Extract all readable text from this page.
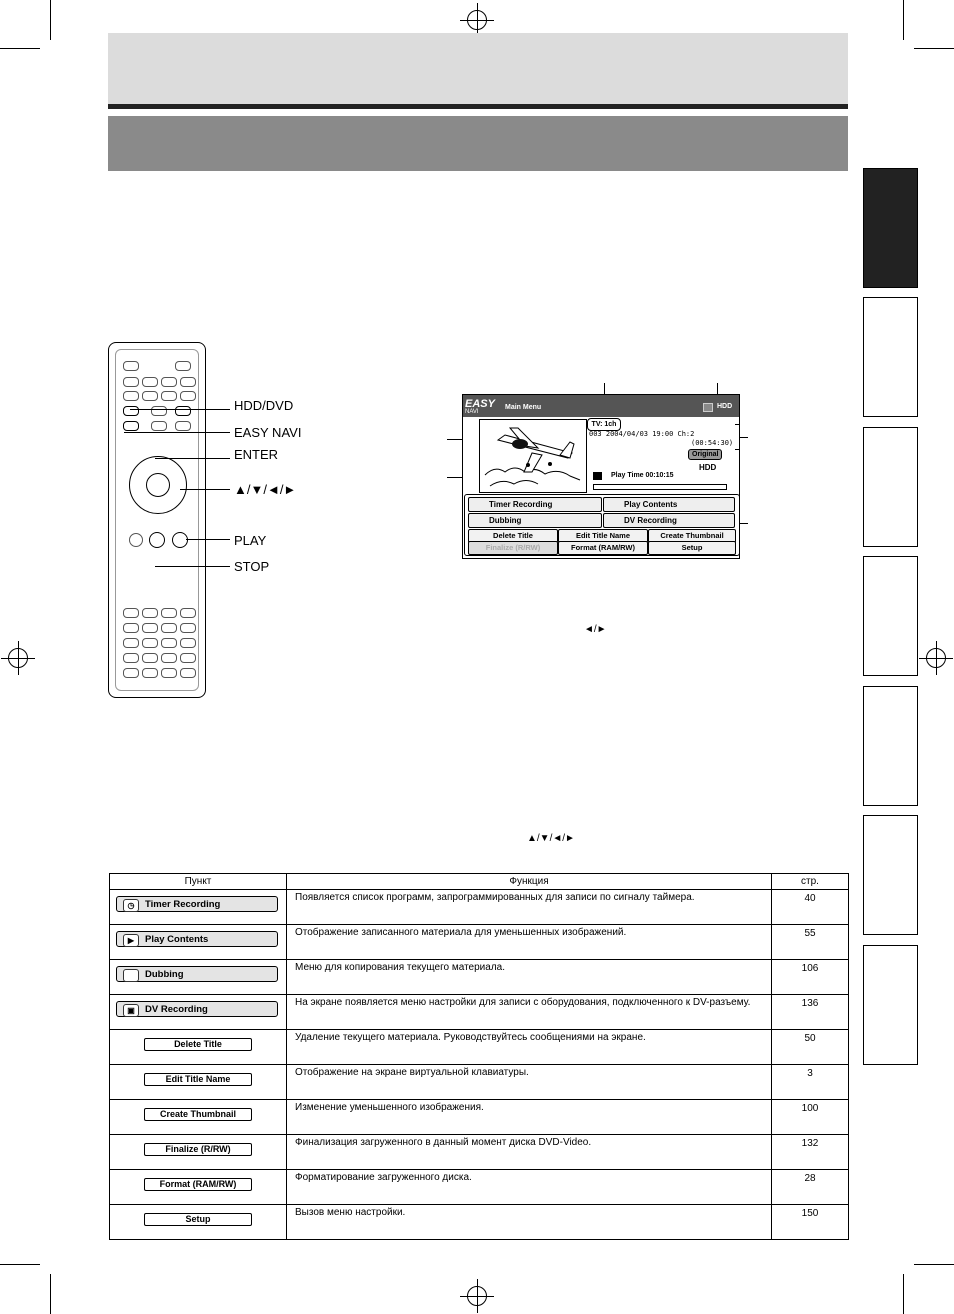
HDD/DVD
EASY NAVI
ENTER
▲/▼/◄/►
PLAY
STOP
EASY
NAVI
Main Menu	HDD
TV: 1ch
003 2004/04/03 19:00 Ch:2
(00:54:30)
Original
HDD
Play Time 00:10:15
Timer Recording	Play Contents
Dubbing	DV Recording
Delete Title	Edit Title Name	Create Thumbnail
Finalize (R/RW)	Format (RAM/RW)	Setup
◄/►
▲/▼/◄/►
Пункт	Функция	стр.

◷ Timer Recording	Появляется список программ, запрограммированных для записи по сигналу таймера.	40

▶ Play Contents	Отображение записанного материала для уменьшенных изображений.	55

Dubbing	Меню для копирования текущего материала.	106

▣ DV Recording	На экране появляется меню настройки для записи с оборудования, подключенного к DV-разъему.	136

Delete Title	Удаление текущего материала. Руководствуйтесь сообщениями на экране.	50

Edit Title Name	Отображение на экране виртуальной клавиатуры.	3

Create Thumbnail	Изменение уменьшенного изображения.	100

Finalize (R/RW)	Финализация загруженного в данный момент диска DVD-Video.	132

Format (RAM/RW)	Форматирование загруженного диска.	28

Setup	Вызов меню настройки.	150
